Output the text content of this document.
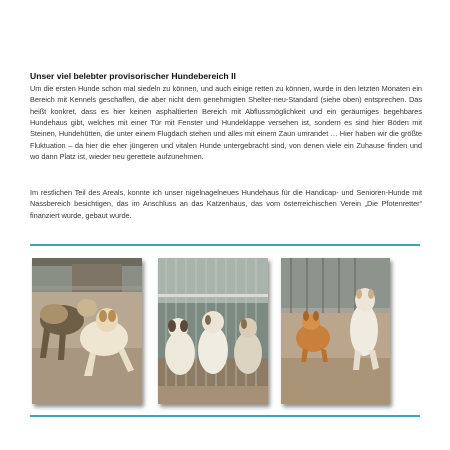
Unser viel belebter provisorischer Hundebereich II

Um die ersten Hunde schon mal siedeln zu können, und auch einige retten zu können, wurde in den letzten Monaten ein Bereich mit Kennels geschaffen, die aber nicht dem genehmigten Shelter-neu-Standard (siehe oben) entsprechen. Das heißt konkret, dass es hier keinen asphaltierten Bereich mit Abflussmöglichkeit und ein geräumiges begehbares Hundehaus gibt, welches mit einer Tür mit Fenster und Hundeklappe versehen ist, sondern es sind hier Böden mit Steinen, Hundehütten, die unter einem Flugdach stehen und alles mit einem Zaun umrandet … Hier haben wir die größte Fluktuation – da hier die eher jüngeren und vitalen Hunde untergebracht sind, von denen viele ein Zuhause finden und wo dann Platz ist, wieder neu gerettete aufzunehmen.

Im restlichen Teil des Areals, konnte ich unser nigelnagelneues Hundehaus für die Handicap- und Senioren-Hunde mit Nassbereich besichtigen, das im Anschluss an das Katzenhaus, das vom österreichischen Verein „Die Pfotenretter“ finanziert wurde, gebaut wurde.
